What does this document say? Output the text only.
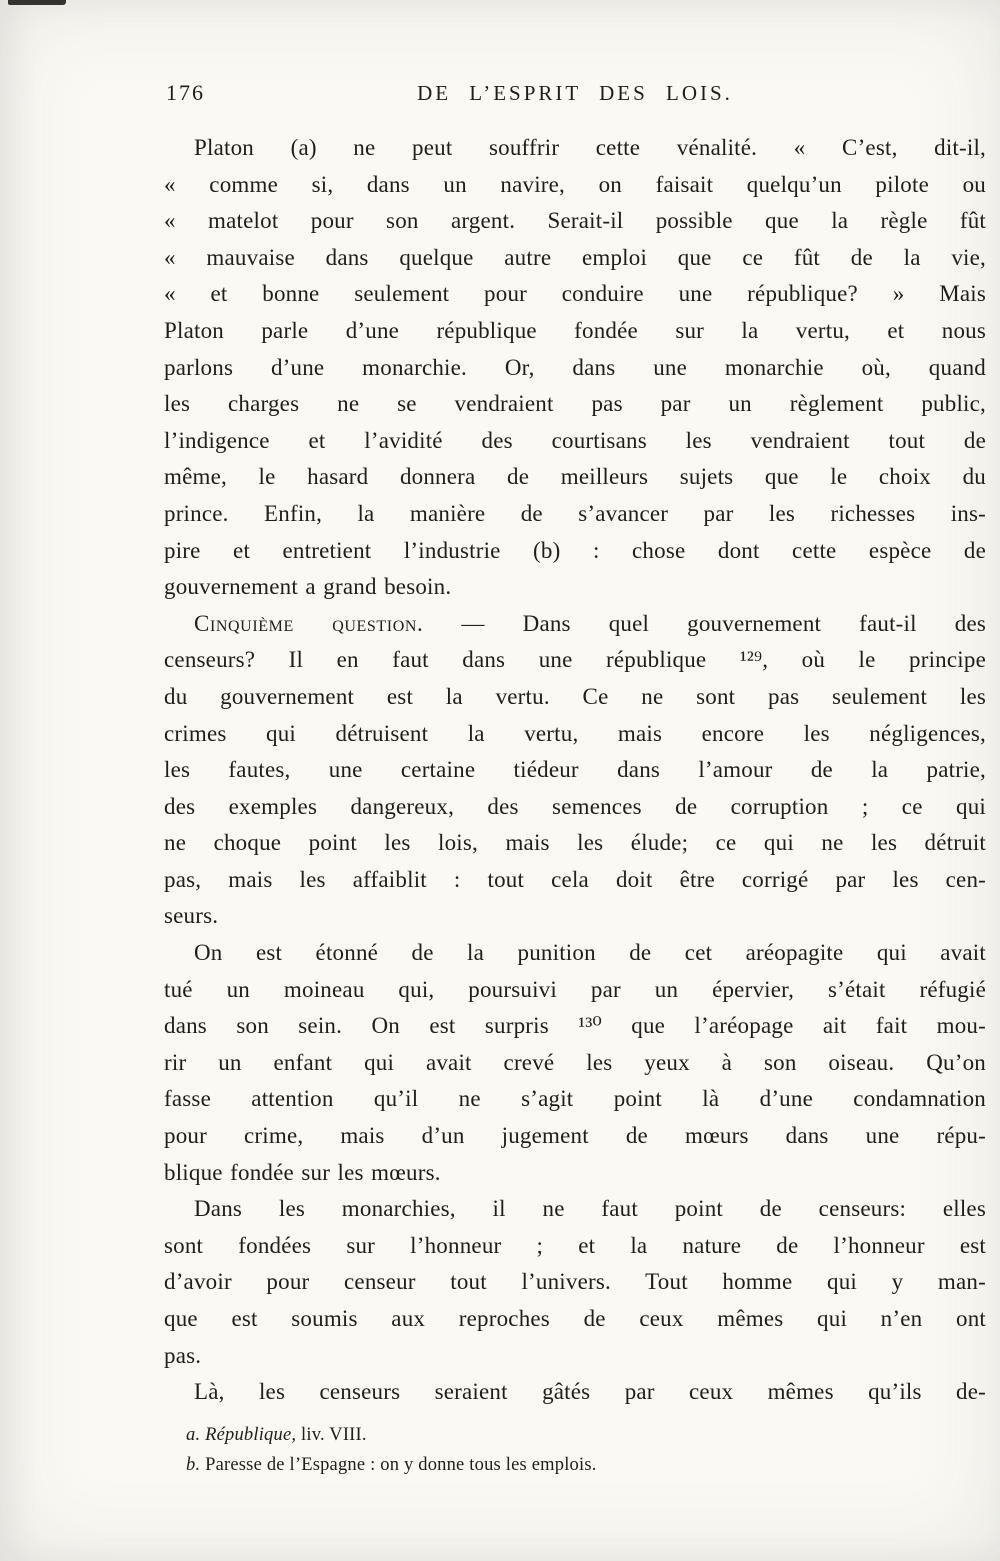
176	DE L’ESPRIT DES LOIS.
Platon (a) ne peut souffrir cette vénalité. « C’est, dit-il,
« comme si, dans un navire, on faisait quelqu’un pilote ou
« matelot pour son argent. Serait-il possible que la règle fût
« mauvaise dans quelque autre emploi que ce fût de la vie,
« et bonne seulement pour conduire une république? » Mais
Platon parle d’une république fondée sur la vertu, et nous
parlons d’une monarchie. Or, dans une monarchie où, quand
les charges ne se vendraient pas par un règlement public,
l’indigence et l’avidité des courtisans les vendraient tout de
même, le hasard donnera de meilleurs sujets que le choix du
prince. Enfin, la manière de s’avancer par les richesses ins-
pire et entretient l’industrie (b) : chose dont cette espèce de
gouvernement a grand besoin.
Cinquième question. — Dans quel gouvernement faut-il des
censeurs? Il en faut dans une république ¹²⁹, où le principe
du gouvernement est la vertu. Ce ne sont pas seulement les
crimes qui détruisent la vertu, mais encore les négligences,
les fautes, une certaine tiédeur dans l’amour de la patrie,
des exemples dangereux, des semences de corruption ; ce qui
ne choque point les lois, mais les élude; ce qui ne les détruit
pas, mais les affaiblit : tout cela doit être corrigé par les cen-
seurs.
On est étonné de la punition de cet aréopagite qui avait
tué un moineau qui, poursuivi par un épervier, s’était réfugié
dans son sein. On est surpris ¹³⁰ que l’aréopage ait fait mou-
rir un enfant qui avait crevé les yeux à son oiseau. Qu’on
fasse attention qu’il ne s’agit point là d’une condamnation
pour crime, mais d’un jugement de mœurs dans une répu-
blique fondée sur les mœurs.
Dans les monarchies, il ne faut point de censeurs: elles
sont fondées sur l’honneur ; et la nature de l’honneur est
d’avoir pour censeur tout l’univers. Tout homme qui y man-
que est soumis aux reproches de ceux mêmes qui n’en ont
pas.
Là, les censeurs seraient gâtés par ceux mêmes qu’ils de-
a. République, liv. VIII.
b. Paresse de l’Espagne : on y donne tous les emplois.
